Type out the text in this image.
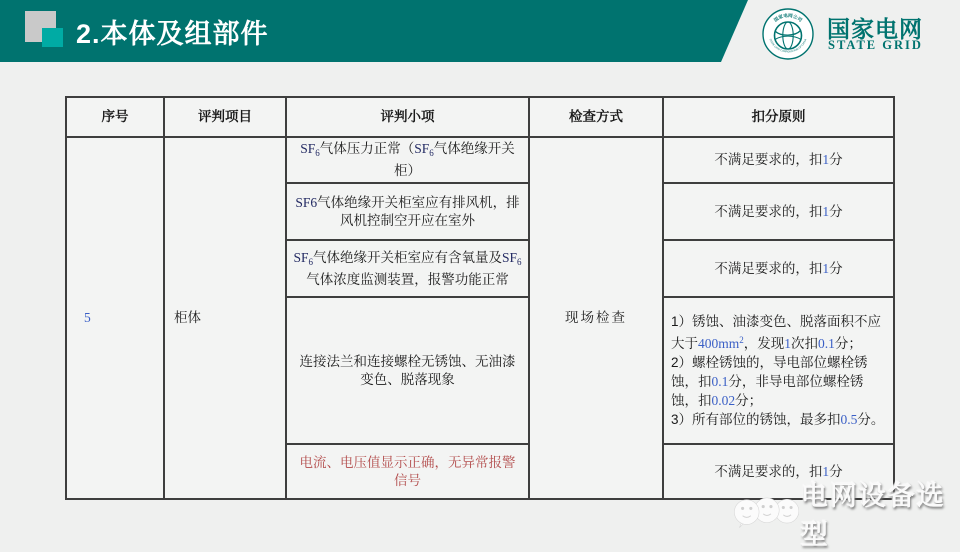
2.本体及组部件	国家电网公司
STATE GRID CORPORATION OF CHINA 国家电网
STATE GRID
序号	评判项目	评判小项	检查方式	扣分原则
5	柜体	$SF_6$气体压力正常（$SF_6$气体绝缘开关柜）	现场检查	不满足要求的，扣1分
		SF6气体绝缘开关柜室应有排风机，排风机控制空开应在室外		不满足要求的，扣1分
		$SF_6$气体绝缘开关柜室应有含氧量及$SF_6$气体浓度监测装置，报警功能正常		不满足要求的，扣1分
		连接法兰和连接螺栓无锈蚀、无油漆变色、脱落现象		1）锈蚀、油漆变色、脱落面积不应大于$400mm^2$，发现1次扣0.1分；
2）螺栓锈蚀的，导电部位螺栓锈蚀，扣0.1分，非导电部位螺栓锈蚀，扣0.02分；
3）所有部位的锈蚀，最多扣0.5分。
		电流、电压值显示正确，无异常报警信号		不满足要求的，扣1分
电网设备选型
